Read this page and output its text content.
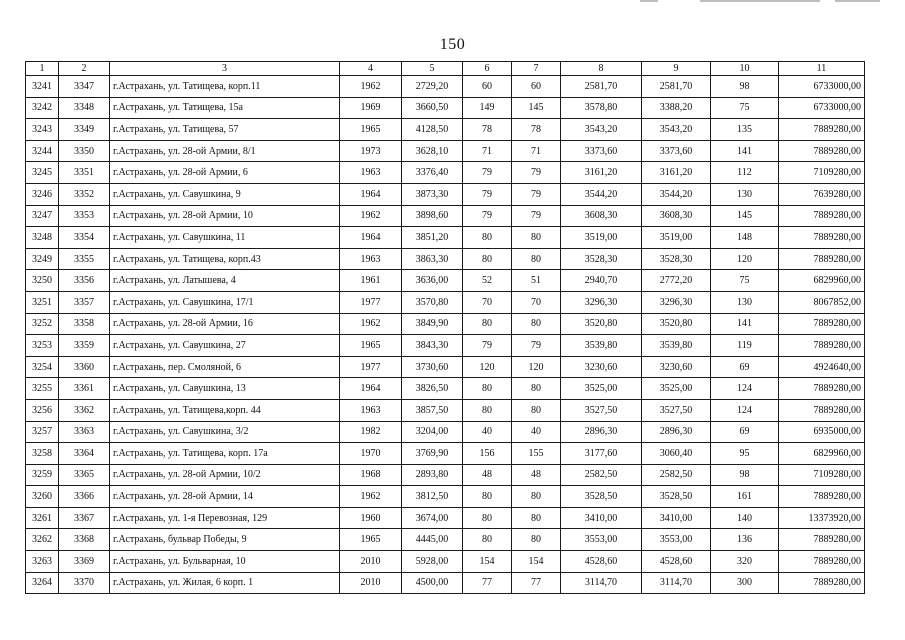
150
1	2	3	4	5	6	7	8	9	10	11
3241	3347	г.Астрахань, ул. Татищева, корп.11	1962	2729,20	60	60	2581,70	2581,70	98	6733000,00
3242	3348	г.Астрахань, ул. Татищева, 15а	1969	3660,50	149	145	3578,80	3388,20	75	6733000,00
3243	3349	г.Астрахань, ул. Татищева, 57	1965	4128,50	78	78	3543,20	3543,20	135	7889280,00
3244	3350	г.Астрахань, ул. 28-ой Армии, 8/1	1973	3628,10	71	71	3373,60	3373,60	141	7889280,00
3245	3351	г.Астрахань, ул. 28-ой Армии, 6	1963	3376,40	79	79	3161,20	3161,20	112	7109280,00
3246	3352	г.Астрахань, ул. Савушкина, 9	1964	3873,30	79	79	3544,20	3544,20	130	7639280,00
3247	3353	г.Астрахань, ул. 28-ой Армии, 10	1962	3898,60	79	79	3608,30	3608,30	145	7889280,00
3248	3354	г.Астрахань, ул. Савушкина, 11	1964	3851,20	80	80	3519,00	3519,00	148	7889280,00
3249	3355	г.Астрахань, ул. Татищева, корп.43	1963	3863,30	80	80	3528,30	3528,30	120	7889280,00
3250	3356	г.Астрахань, ул. Латышева, 4	1961	3636,00	52	51	2940,70	2772,20	75	6829960,00
3251	3357	г.Астрахань, ул. Савушкина, 17/1	1977	3570,80	70	70	3296,30	3296,30	130	8067852,00
3252	3358	г.Астрахань, ул. 28-ой Армии, 16	1962	3849,90	80	80	3520,80	3520,80	141	7889280,00
3253	3359	г.Астрахань, ул. Савушкина, 27	1965	3843,30	79	79	3539,80	3539,80	119	7889280,00
3254	3360	г.Астрахань, пер. Смоляной, 6	1977	3730,60	120	120	3230,60	3230,60	69	4924640,00
3255	3361	г.Астрахань, ул. Савушкина, 13	1964	3826,50	80	80	3525,00	3525,00	124	7889280,00
3256	3362	г.Астрахань, ул. Татищева,корп. 44	1963	3857,50	80	80	3527,50	3527,50	124	7889280,00
3257	3363	г.Астрахань, ул. Савушкина, 3/2	1982	3204,00	40	40	2896,30	2896,30	69	6935000,00
3258	3364	г.Астрахань, ул. Татищева, корп. 17а	1970	3769,90	156	155	3177,60	3060,40	95	6829960,00
3259	3365	г.Астрахань, ул. 28-ой Армии, 10/2	1968	2893,80	48	48	2582,50	2582,50	98	7109280,00
3260	3366	г.Астрахань, ул. 28-ой Армии, 14	1962	3812,50	80	80	3528,50	3528,50	161	7889280,00
3261	3367	г.Астрахань, ул. 1-я Перевозная, 129	1960	3674,00	80	80	3410,00	3410,00	140	13373920,00
3262	3368	г.Астрахань, бульвар Победы, 9	1965	4445,00	80	80	3553,00	3553,00	136	7889280,00
3263	3369	г.Астрахань, ул. Бульварная, 10	2010	5928,00	154	154	4528,60	4528,60	320	7889280,00
3264	3370	г.Астрахань, ул. Жилая, 6 корп. 1	2010	4500,00	77	77	3114,70	3114,70	300	7889280,00
